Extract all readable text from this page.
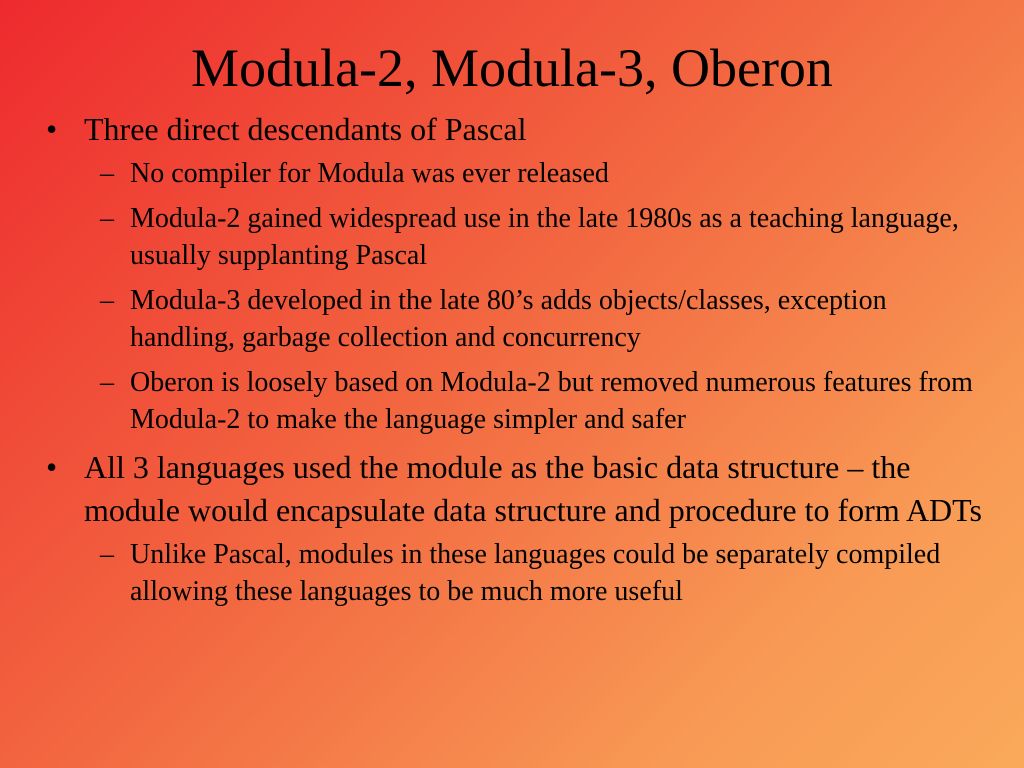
Modula-2, Modula-3, Oberon
• Three direct descendants of Pascal
– No compiler for Modula was ever released
– Modula-2 gained widespread use in the late 1980s as a teaching language, usually supplanting Pascal
– Modula-3 developed in the late 80’s adds objects/classes, exception handling, garbage collection and concurrency
– Oberon is loosely based on Modula-2 but removed numerous features from Modula-2 to make the language simpler and safer
• All 3 languages used the module as the basic data structure – the module would encapsulate data structure and procedure to form ADTs
– Unlike Pascal, modules in these languages could be separately compiled allowing these languages to be much more useful
